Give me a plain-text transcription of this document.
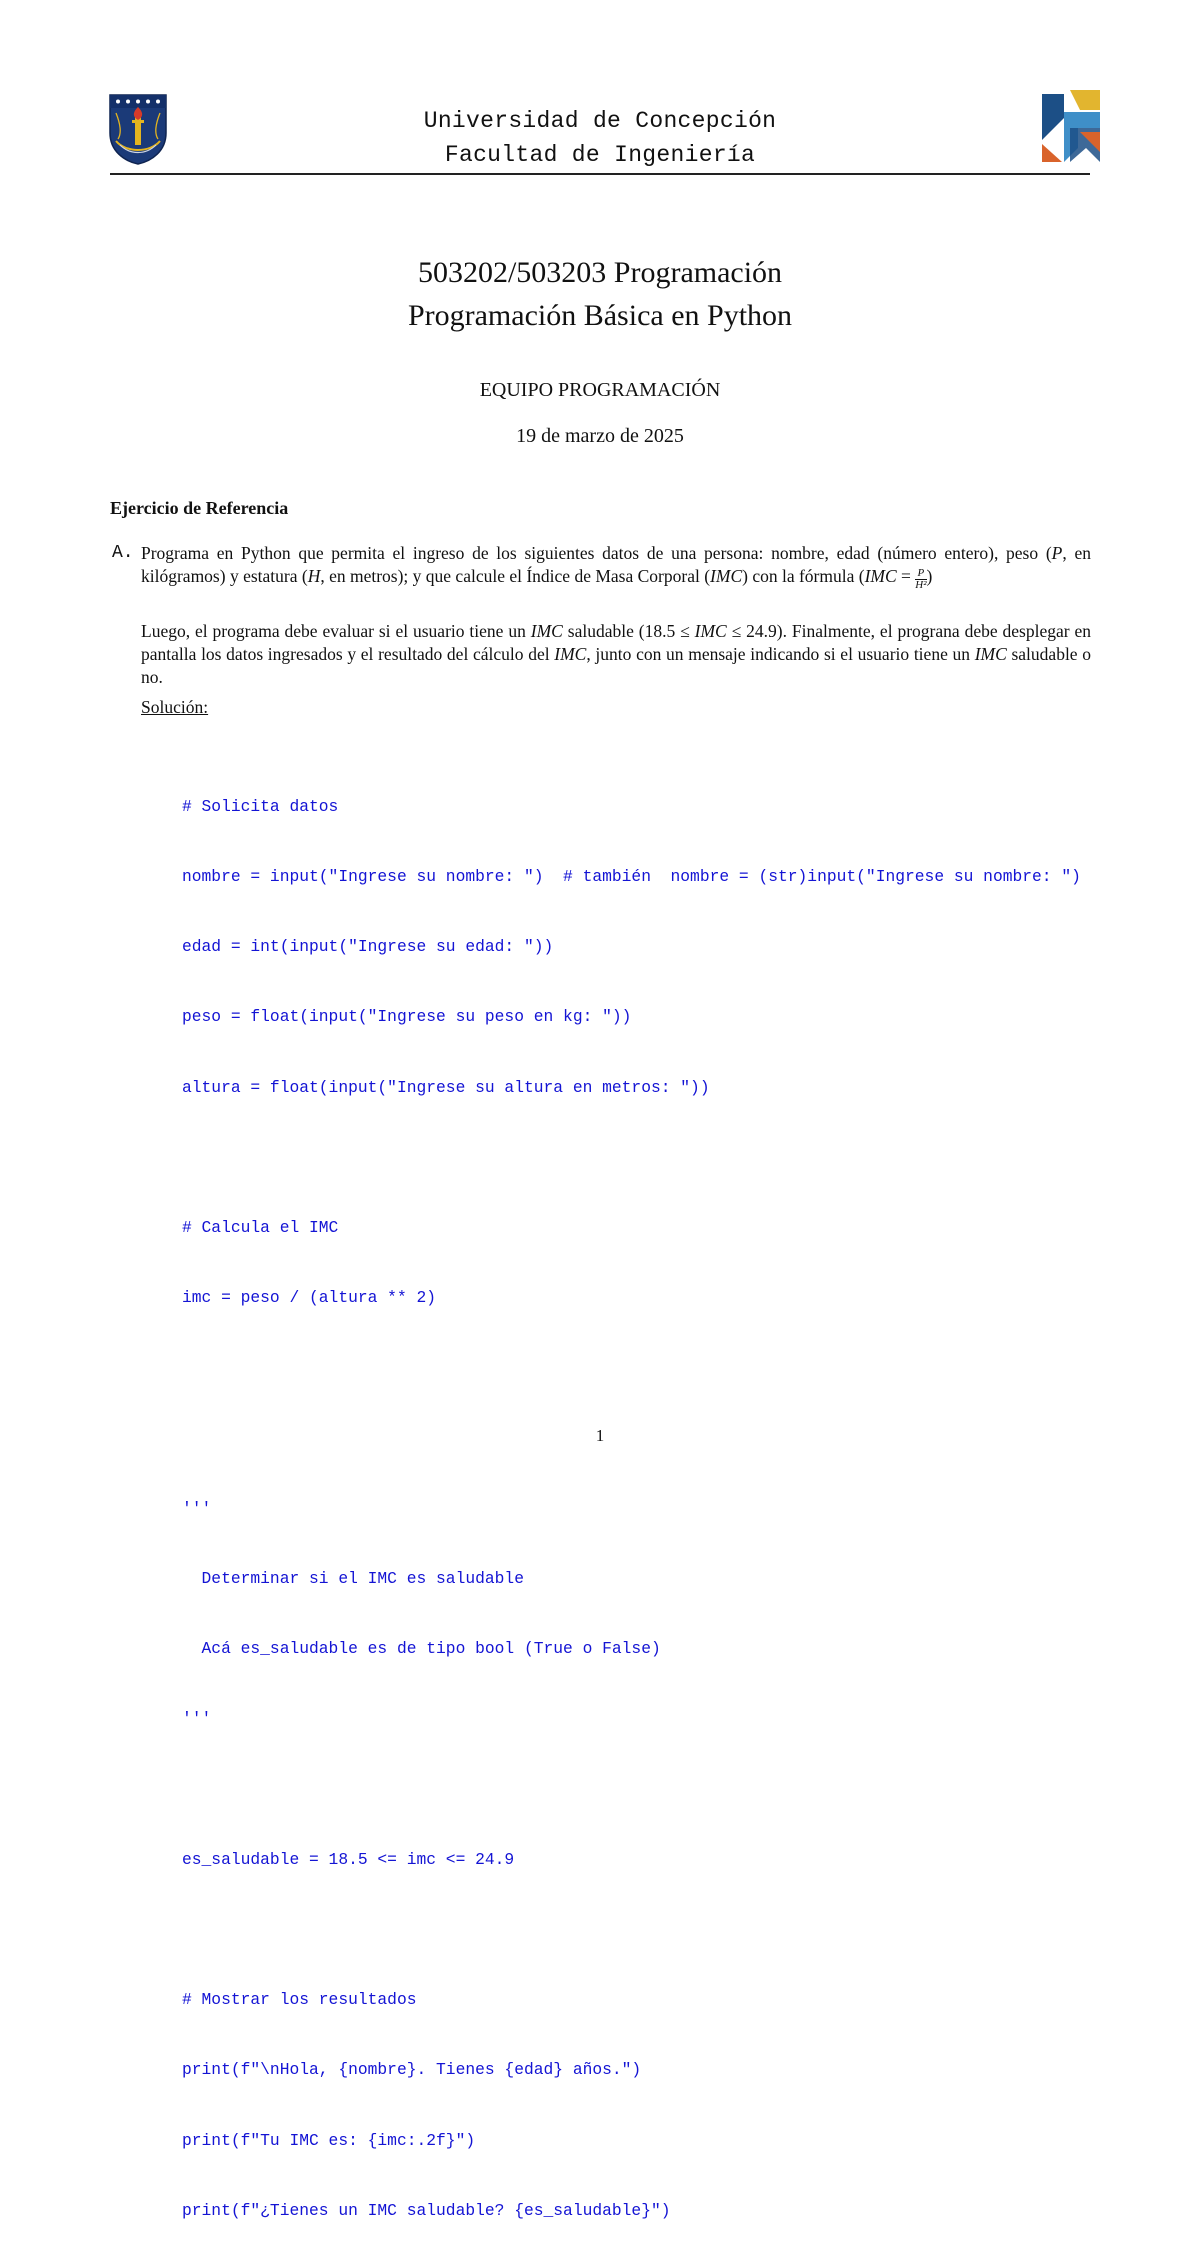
Universidad de Concepción
Facultad de Ingeniería
503202/503203 Programación
Programación Básica en Python
EQUIPO PROGRAMACIÓN
19 de marzo de 2025
Ejercicio de Referencia
A. Programa en Python que permita el ingreso de los siguientes datos de una persona: nombre, edad (número entero), peso (P, en kilógramos) y estatura (H, en metros); y que calcule el Índice de Masa Corporal (IMC) con la fórmula ($IMC = \frac{P}{\text{H²}}$ )
Luego, el programa debe evaluar si el usuario tiene un IMC saludable (18.5 ≤ IMC ≤ 24.9). Finalmente, el prograna debe desplegar en pantalla los datos ingresados y el resultado del cálculo del IMC, junto con un mensaje indicando si el usuario tiene un IMC saludable o no.
Solución:

# Solicita datos

nombre = input("Ingrese su nombre: ")  # también  nombre = (str)input("Ingrese su nombre: ")

edad = int(input("Ingrese su edad: "))

peso = float(input("Ingrese su peso en kg: "))

altura = float(input("Ingrese su altura en metros: "))

# Calcula el IMC

imc = peso / (altura ** 2)

'''

Determinar si el IMC es saludable

Acá es_saludable es de tipo bool (True o False)

'''

es_saludable = 18.5 <= imc <= 24.9

# Mostrar los resultados

print(f"\nHola, {nombre}. Tienes {edad} años.")

print(f"Tu IMC es: {imc:.2f}")

print(f"¿Tienes un IMC saludable? {es_saludable}")

1
